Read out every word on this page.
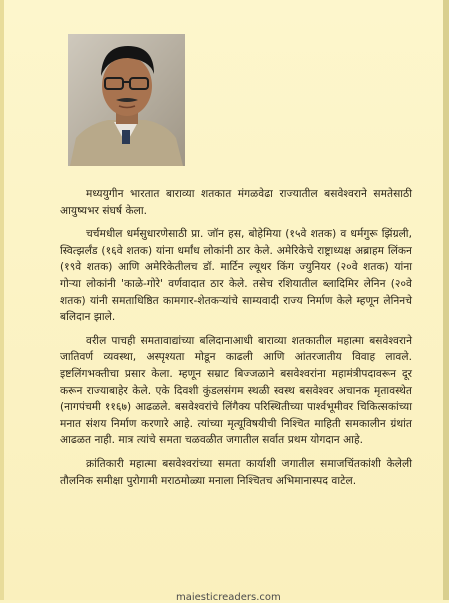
मध्ययुगीन भारतात बाराव्या शतकात मंगळवेढा राज्यातील बसवेश्वराने समतेसाठी आयुष्यभर संघर्ष केला.

चर्चमधील धर्मसुधारणेसाठी प्रा. जॉन हस, बोहेमिया (१५वे शतक) व धर्मगुरू झिंग्रली, स्वित्झर्लंड (१६वे शतक) यांना धर्मांध लोकांनी ठार केले. अमेरिकेचे राष्ट्राध्यक्ष अब्राहम लिंकन (१९वे शतक) आणि अमेरिकेतीलच डॉ. मार्टिन ल्यूथर किंग ज्युनियर (२०वे शतक) यांना गोऱ्या लोकांनी 'काळे-गोरे' वर्णवादात ठार केले. तसेच रशियातील ब्लादिमिर लेनिन (२०वे शतक) यांनी समताधिष्ठित कामगार-शेतकऱ्यांचे साम्यवादी राज्य निर्माण केले म्हणून लेनिनचे बलिदान झाले.

वरील पाचही समतावाद्यांच्या बलिदानाआधी बाराव्या शतकातील महात्मा बसवेश्वराने जातिवर्ण व्यवस्था, अस्पृश्यता मोडून काढली आणि आंतरजातीय विवाह लावले. इष्टलिंगभक्तीचा प्रसार केला. म्हणून सम्राट बिज्जळाने बसवेश्वरांना महामंत्रीपदावरून दूर करून राज्याबाहेर केले. एके दिवशी कुंडलसंगम स्थळी स्वस्थ बसवेश्वर अचानक मृतावस्थेत (नागपंचमी ११६७) आढळले. बसवेश्वरांचे लिंगैक्य परिस्थितीच्या पार्श्वभूमीवर चिकित्सकांच्या मनात संशय निर्माण करणारे आहे. त्यांच्या मृत्यूविषयीची निश्चित माहिती समकालीन ग्रंथांत आढळत नाही. मात्र त्यांचे समता चळवळीत जगातील सर्वात प्रथम योगदान आहे.

क्रांतिकारी महात्मा बसवेश्वरांच्या समता कार्याशी जगातील समाजचिंतकांशी केलेली तौलनिक समीक्षा पुरोगामी मराठमोळ्या मनाला निश्चितच अभिमानास्पद वाटेल.

maiesticreaders.com
